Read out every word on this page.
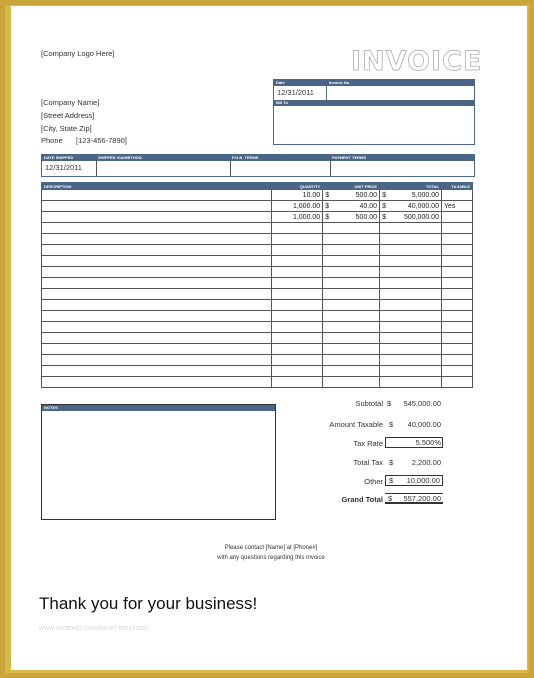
[Company Logo Here]
[Company Name]
[Street Address]
[City, State Zip]
Phone [123-456-7890]
INVOICE
Date	Invoice No.
12/31/2011
Bill To
DATE SHIPPED	SHIPPED VIA/METHOD	F.O.B. TERMS	PAYMENT TERMS
12/31/2011
DESCRIPTION	QUANTITY	UNIT PRICE	TOTAL	TAXABLE
	10.00	$ 500.00	$ 5,000.00	

	1,000.00	$ 40.00	$ 40,000.00	Yes
	1,000.00	$ 500.00	$ 500,000.00	

NOTES	Subtotal $	545,000.00
Amount Taxable $	40,000.00
Tax Rate	5.500%
Total Tax $	2,200.00
Other $ 10,000.00
Grand Total $ 557,200.00
Please contact [Name] at [Phone#]
with any questions regarding this invoice
Thank you for your business!
www.vertex42.com/excel-templates
